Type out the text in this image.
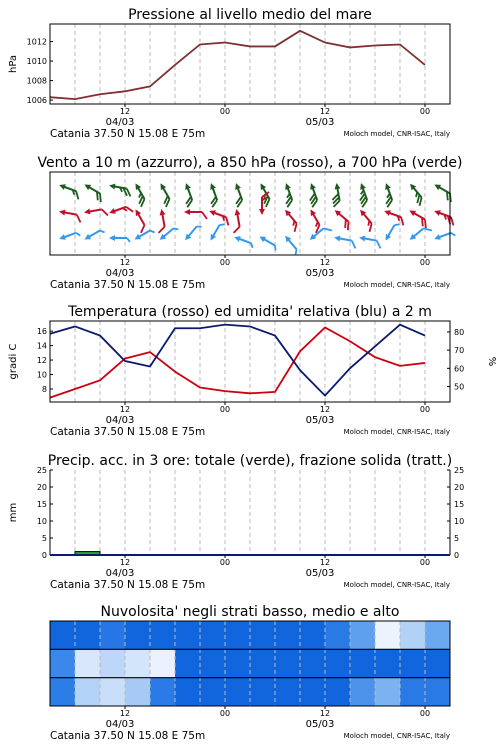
Pressione al livello medio del mare
1006
1008
1010
1012
hPa
12	00	12	00
04/03	05/03
Catania 37.50 N 15.08 E 75m	Moloch model, CNR-ISAC, Italy
Vento a 10 m (azzurro), a 850 hPa (rosso), a 700 hPa (verde)
12	00	12	00
04/03	05/03
Catania 37.50 N 15.08 E 75m	Moloch model, CNR-ISAC, Italy
Temperatura (rosso) ed umidita' relativa (blu) a 2 m
8
10
12
14
16
50
60
70
80
gradi C	%
12	00	12	00
04/03	05/03
Catania 37.50 N 15.08 E 75m	Moloch model, CNR-ISAC, Italy
Precip. acc. in 3 ore: totale (verde), frazione solida (tratt.)
0	0
5	5
10	10
15	15
20	20
25	25
mm
12	00	12	00
04/03	05/03
Catania 37.50 N 15.08 E 75m	Moloch model, CNR-ISAC, Italy
Nuvolosita' negli strati basso, medio e alto
12	00	12	00
04/03	05/03
Catania 37.50 N 15.08 E 75m	Moloch model, CNR-ISAC, Italy
